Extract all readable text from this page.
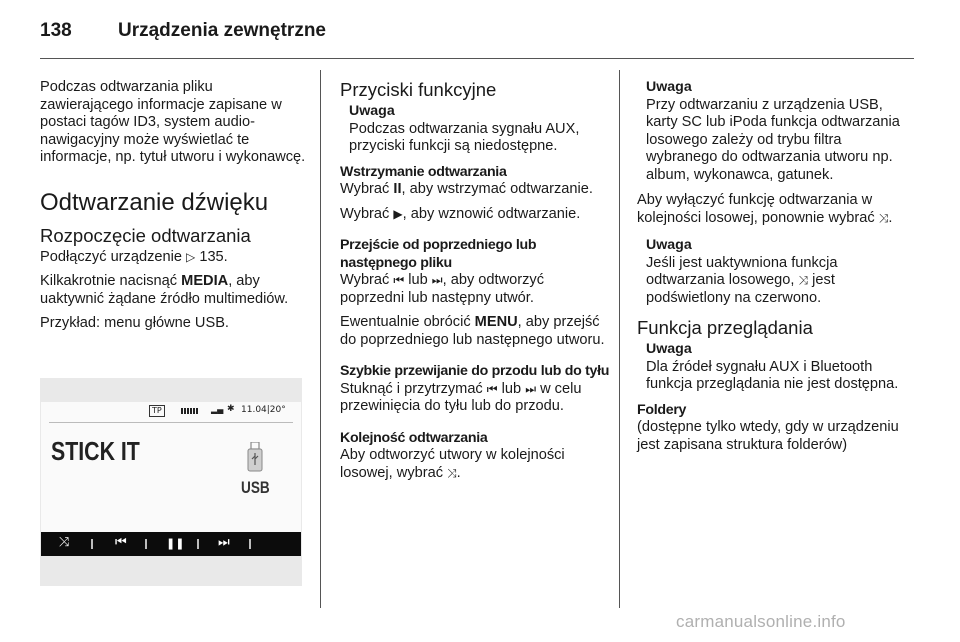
138 Urządzenia zewnętrzne

Podczas odtwarzania pliku zawierającego informacje zapisane w postaci tagów ID3, system audio-nawigacyjny może wyświetlać te informacje, np. tytuł utworu i wykonawcę.

Odtwarzanie dźwięku
Rozpoczęcie odtwarzania

Podłączyć urządzenie ▷ 135.

Kilkakrotnie nacisnąć MEDIA, aby uaktywnić żądane źródło multimediów.

Przykład: menu główne USB.

TP	▂▄ ✱ 11.04|20°
STICK IT
USB
⤨	⏮	❚❚	⏭
Przyciski funkcyjne
Uwaga
Podczas odtwarzania sygnału AUX, przyciski funkcji są niedostępne.
Wstrzymanie odtwarzania

Wybrać II, aby wstrzymać odtwarzanie.

Wybrać ▶, aby wznowić odtwarzanie.

Przejście od poprzedniego lub następnego pliku

Wybrać ⏮ lub ⏭, aby odtworzyć poprzedni lub następny utwór.

Ewentualnie obrócić MENU, aby przejść do poprzedniego lub następnego utworu.

Szybkie przewijanie do przodu lub do tyłu

Stuknąć i przytrzymać ⏮ lub ⏭ w celu przewinięcia do tyłu lub do przodu.

Kolejność odtwarzania

Aby odtworzyć utwory w kolejności losowej, wybrać ⤨.

Uwaga
Przy odtwarzaniu z urządzenia USB, karty SC lub iPoda funkcja odtwarzania losowego zależy od trybu filtra wybranego do odtwarzania utworu np. album, wykonawca, gatunek.

Aby wyłączyć funkcję odtwarzania w kolejności losowej, ponownie wybrać ⤨.

Uwaga
Jeśli jest uaktywniona funkcja odtwarzania losowego, ⤨ jest podświetlony na czerwono.
Funkcja przeglądania
Uwaga
Dla źródeł sygnału AUX i Bluetooth funkcja przeglądania nie jest dostępna.
Foldery

(dostępne tylko wtedy, gdy w urządzeniu jest zapisana struktura folderów)

carmanualsonline.info
